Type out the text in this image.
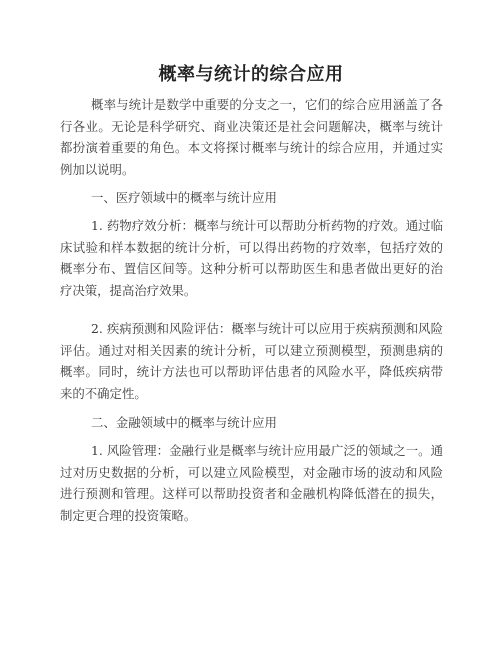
概率与统计的综合应用

概率与统计是数学中重要的分支之一，它们的综合应用涵盖了各行各业。无论是科学研究、商业决策还是社会问题解决，概率与统计都扮演着重要的角色。本文将探讨概率与统计的综合应用，并通过实例加以说明。

一、医疗领域中的概率与统计应用

1. 药物疗效分析：概率与统计可以帮助分析药物的疗效。通过临床试验和样本数据的统计分析，可以得出药物的疗效率，包括疗效的概率分布、置信区间等。这种分析可以帮助医生和患者做出更好的治疗决策，提高治疗效果。

2. 疾病预测和风险评估：概率与统计可以应用于疾病预测和风险评估。通过对相关因素的统计分析，可以建立预测模型，预测患病的概率。同时，统计方法也可以帮助评估患者的风险水平，降低疾病带来的不确定性。

二、金融领域中的概率与统计应用

1. 风险管理：金融行业是概率与统计应用最广泛的领域之一。通过对历史数据的分析，可以建立风险模型，对金融市场的波动和风险进行预测和管理。这样可以帮助投资者和金融机构降低潜在的损失，制定更合理的投资策略。
